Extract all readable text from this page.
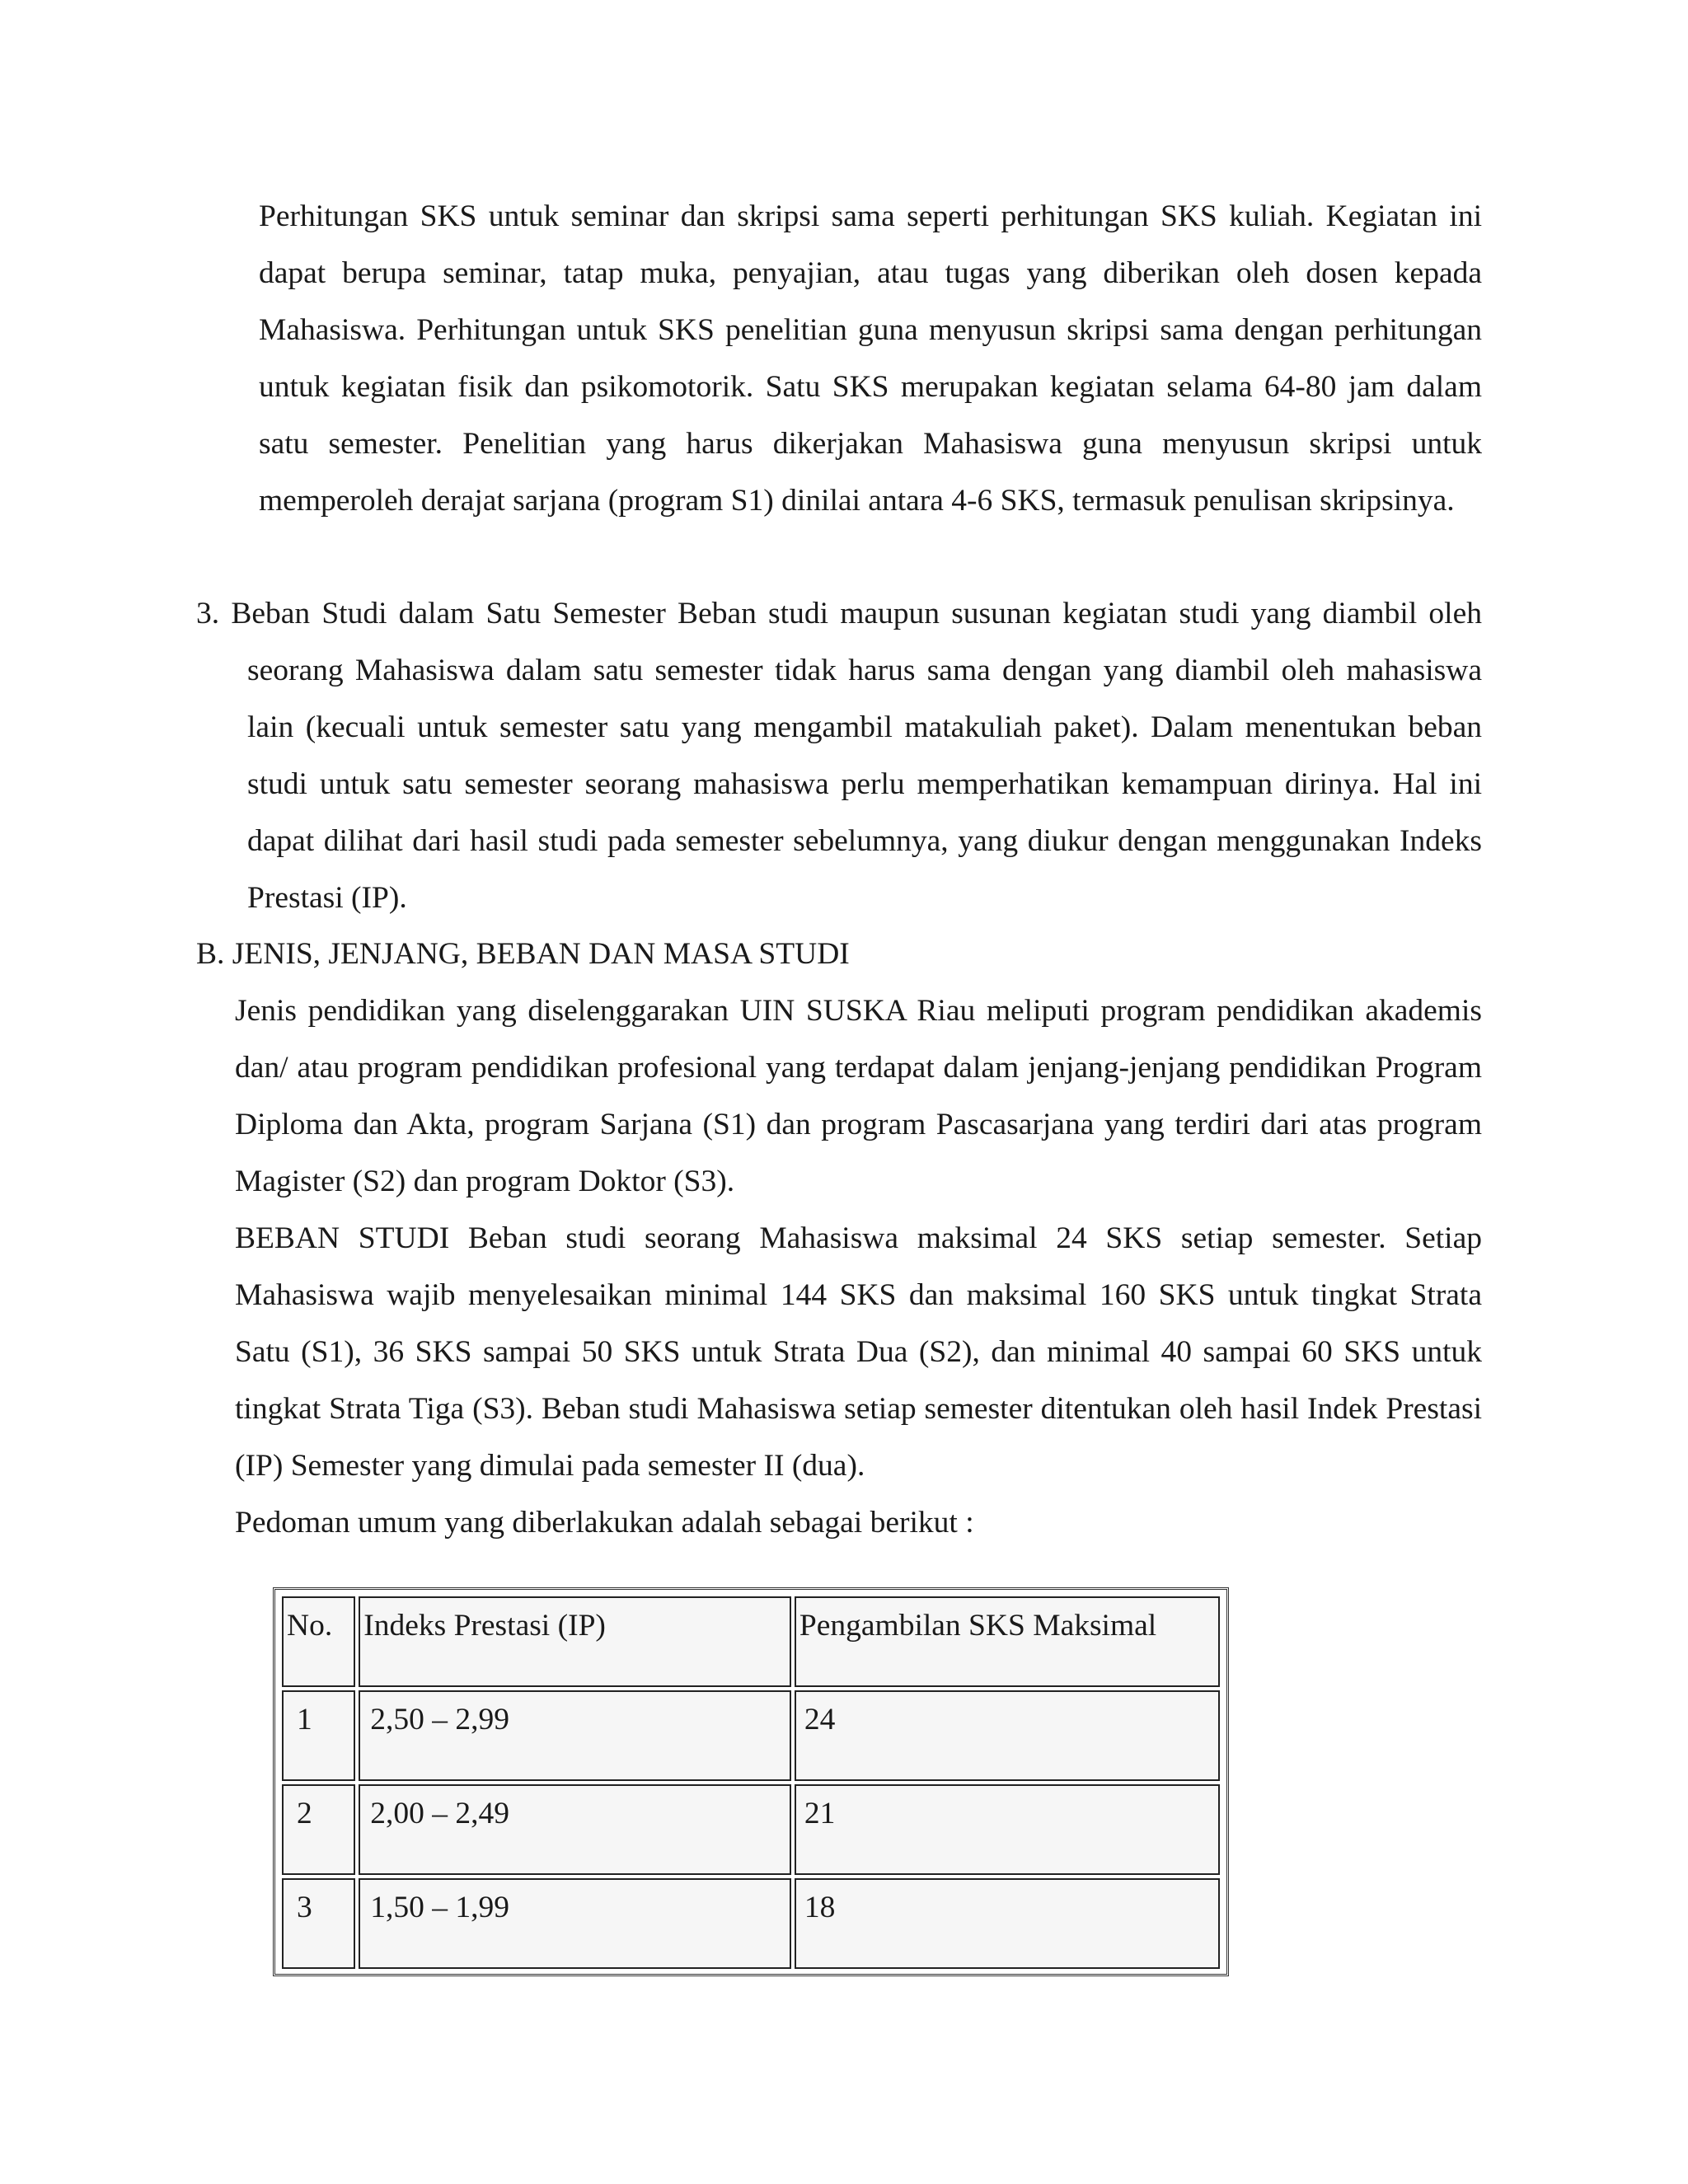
Perhitungan SKS untuk seminar dan skripsi sama seperti perhitungan SKS kuliah. Kegiatan ini dapat berupa seminar, tatap muka, penyajian, atau tugas yang diberikan oleh dosen kepada Mahasiswa. Perhitungan untuk SKS penelitian guna menyusun skripsi sama dengan perhitungan untuk kegiatan fisik dan psikomotorik. Satu SKS merupakan kegiatan selama 64-80 jam dalam satu semester. Penelitian yang harus dikerjakan Mahasiswa guna menyusun skripsi untuk memperoleh derajat sarjana (program S1) dinilai antara 4-6 SKS, termasuk penulisan skripsinya.

3. Beban Studi dalam Satu Semester Beban studi maupun susunan kegiatan studi yang diambil oleh seorang Mahasiswa dalam satu semester tidak harus sama dengan yang diambil oleh mahasiswa lain (kecuali untuk semester satu yang mengambil matakuliah paket). Dalam menentukan beban studi untuk satu semester seorang mahasiswa perlu memperhatikan kemampuan dirinya. Hal ini dapat dilihat dari hasil studi pada semester sebelumnya, yang diukur dengan menggunakan Indeks Prestasi (IP).
B. JENIS, JENJANG, BEBAN DAN MASA STUDI

Jenis pendidikan yang diselenggarakan UIN SUSKA Riau meliputi program pendidikan akademis dan/ atau program pendidikan profesional yang terdapat dalam jenjang-jenjang pendidikan Program Diploma dan Akta, program Sarjana (S1) dan program Pascasarjana yang terdiri dari atas program Magister (S2) dan program Doktor (S3).

BEBAN STUDI Beban studi seorang Mahasiswa maksimal 24 SKS setiap semester. Setiap Mahasiswa wajib menyelesaikan minimal 144 SKS dan maksimal 160 SKS untuk tingkat Strata Satu (S1), 36 SKS sampai 50 SKS untuk Strata Dua (S2), dan minimal 40 sampai 60 SKS untuk tingkat Strata Tiga (S3). Beban studi Mahasiswa setiap semester ditentukan oleh hasil Indek Prestasi (IP) Semester yang dimulai pada semester II (dua).

Pedoman umum yang diberlakukan adalah sebagai berikut :

No.	Indeks Prestasi (IP)	Pengambilan SKS Maksimal
1	2,50 – 2,99	24
2	2,00 – 2,49	21
3	1,50 – 1,99	18
